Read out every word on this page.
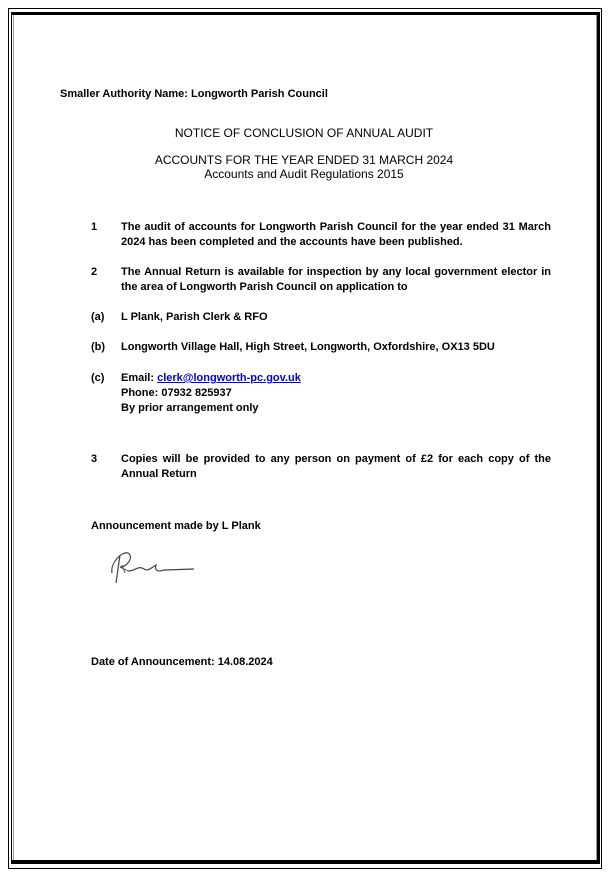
Smaller Authority Name: Longworth Parish Council
NOTICE OF CONCLUSION OF ANNUAL AUDIT
ACCOUNTS FOR THE YEAR ENDED 31 MARCH 2024
Accounts and Audit Regulations 2015
1 The audit of accounts for Longworth Parish Council for the year ended 31 March 2024 has been completed and the accounts have been published.
2 The Annual Return is available for inspection by any local government elector in the area of Longworth Parish Council on application to
(a) L Plank, Parish Clerk & RFO
(b) Longworth Village Hall, High Street, Longworth, Oxfordshire, OX13 5DU
(c) Email: clerk@longworth-pc.gov.uk
Phone: 07932 825937
By prior arrangement only
3 Copies will be provided to any person on payment of £2 for each copy of the Annual Return
Announcement made by L Plank
Date of Announcement: 14.08.2024
